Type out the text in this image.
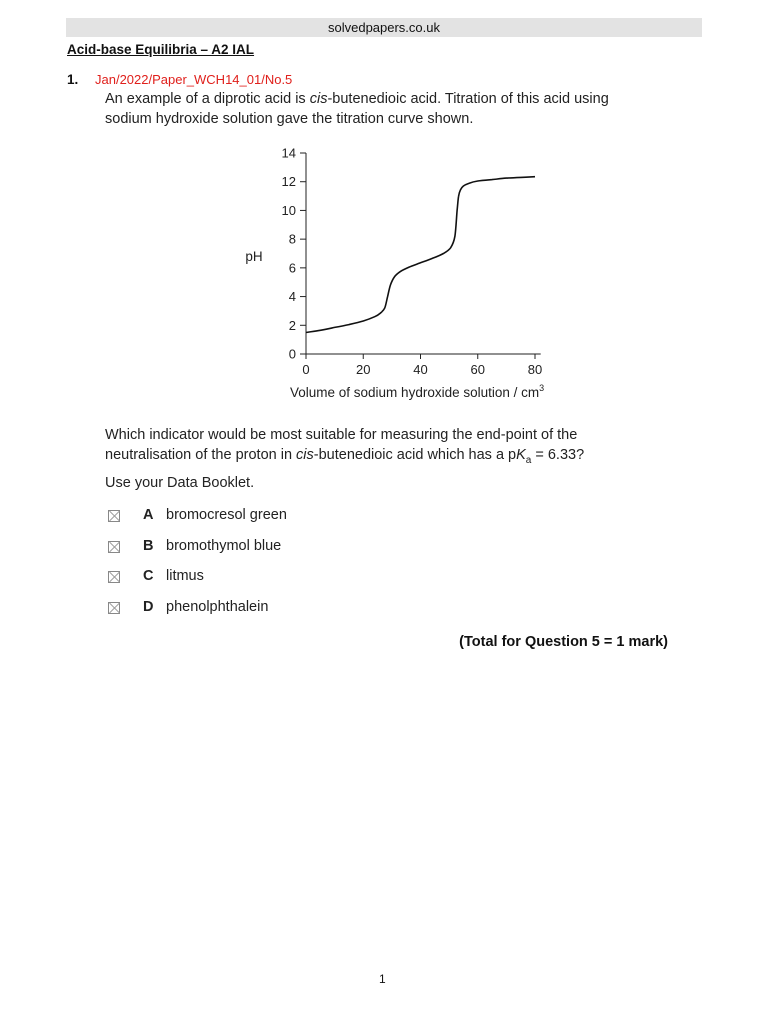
solvedpapers.co.uk
Acid-base Equilibria – A2 IAL
1. Jan/2022/Paper_WCH14_01/No.5
An example of a diprotic acid is cis-butenedioic acid. Titration of this acid using
sodium hydroxide solution gave the titration curve shown.
0
2
4
6
8
10
12
14
0	20	40	60	80
pH
Volume of sodium hydroxide solution / $cm^3$
Which indicator would be most suitable for measuring the end-point of the
neutralisation of the proton in cis-butenedioic acid which has a $pK_a = 6.33$?
Use your Data Booklet.
A bromocresol green
B bromothymol blue
C litmus
D phenolphthalein
(Total for Question 5 = 1 mark)
1
